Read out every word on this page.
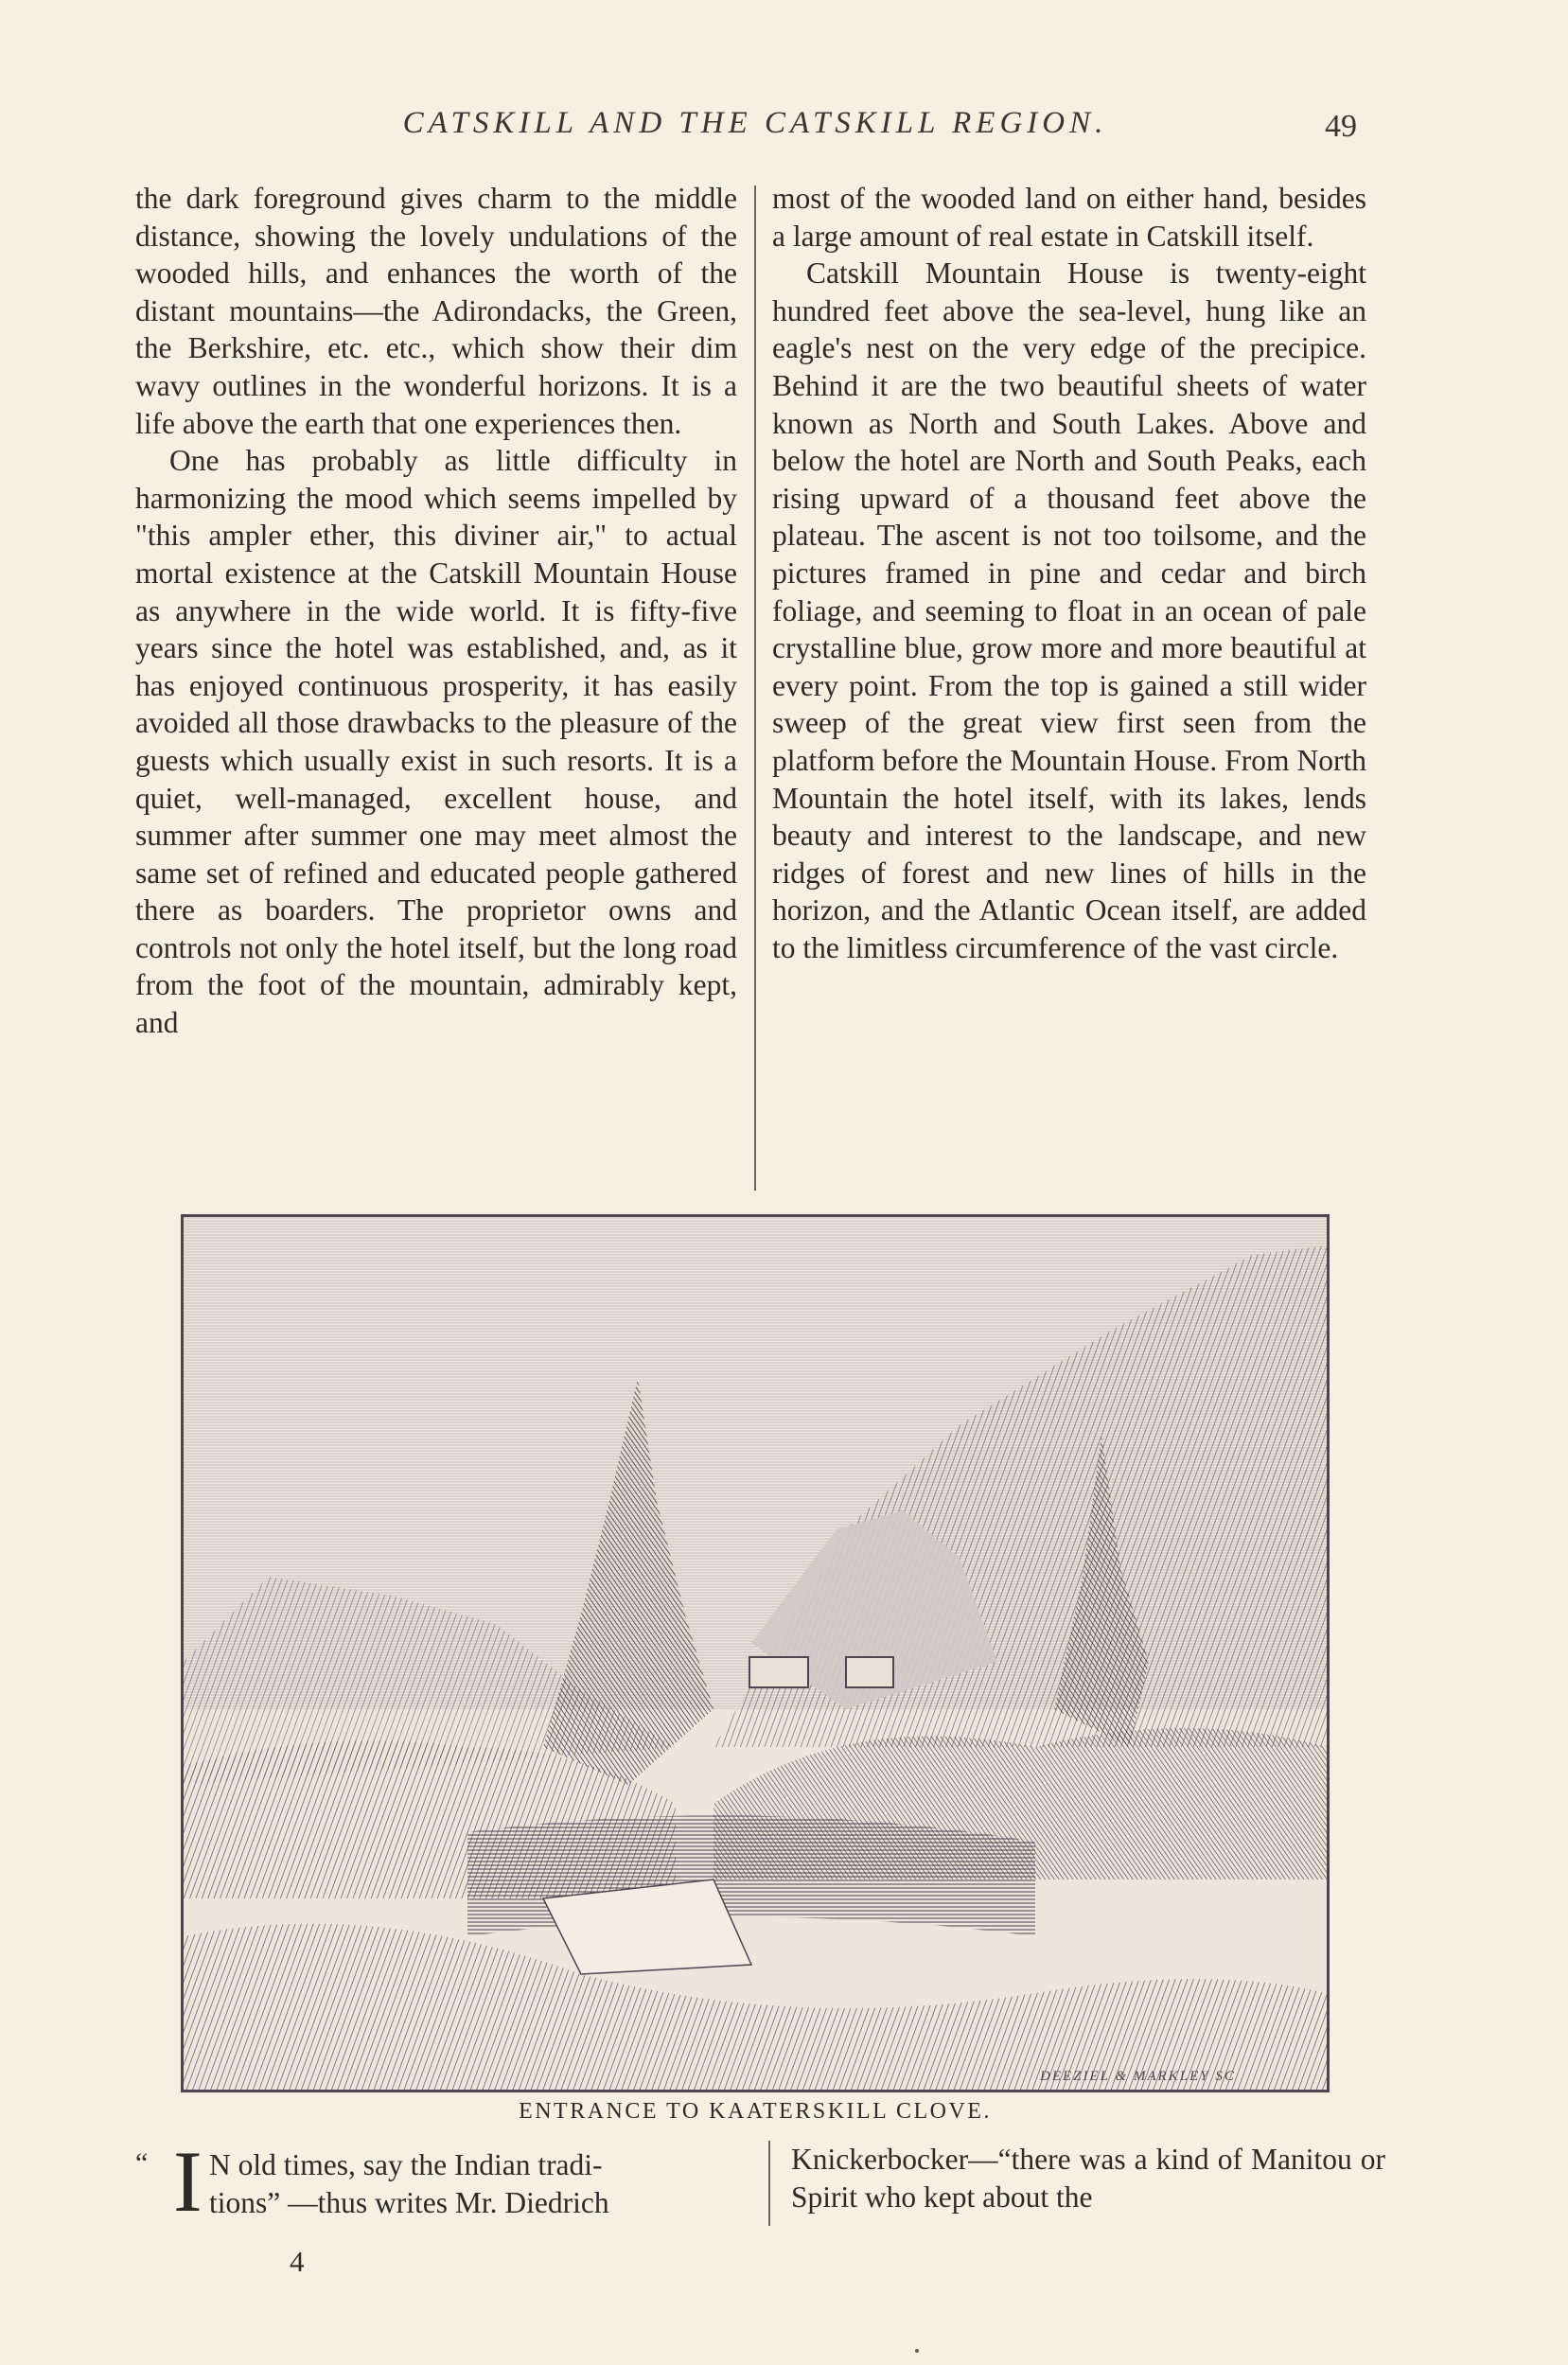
CATSKILL AND THE CATSKILL REGION.	49

the dark foreground gives charm to the middle distance, showing the lovely undulations of the wooded hills, and enhances the worth of the distant mountains—the Adirondacks, the Green, the Berkshire, etc. etc., which show their dim wavy outlines in the wonderful horizons. It is a life above the earth that one experiences then.

One has probably as little difficulty in harmonizing the mood which seems impelled by "this ampler ether, this diviner air," to actual mortal existence at the Catskill Mountain House as anywhere in the wide world. It is fifty-five years since the hotel was established, and, as it has enjoyed continuous prosperity, it has easily avoided all those drawbacks to the pleasure of the guests which usually exist in such resorts. It is a quiet, well-managed, excellent house, and summer after summer one may meet almost the same set of refined and educated people gathered there as boarders. The proprietor owns and controls not only the hotel itself, but the long road from the foot of the mountain, admirably kept, and

most of the wooded land on either hand, besides a large amount of real estate in Catskill itself.

Catskill Mountain House is twenty-eight hundred feet above the sea-level, hung like an eagle's nest on the very edge of the precipice. Behind it are the two beautiful sheets of water known as North and South Lakes. Above and below the hotel are North and South Peaks, each rising upward of a thousand feet above the plateau. The ascent is not too toilsome, and the pictures framed in pine and cedar and birch foliage, and seeming to float in an ocean of pale crystalline blue, grow more and more beautiful at every point. From the top is gained a still wider sweep of the great view first seen from the platform before the Mountain House. From North Mountain the hotel itself, with its lakes, lends beauty and interest to the landscape, and new ridges of forest and new lines of hills in the horizon, and the Atlantic Ocean itself, are added to the limitless circumference of the vast circle.

DEEZIEL & MARKLEY SC
ENTRANCE TO KAATERSKILL CLOVE.
“ I N old times, say the Indian tradi-
tions” —thus writes Mr. Diedrich
Knickerbocker—“there was a kind of Manitou or Spirit who kept about the
4
